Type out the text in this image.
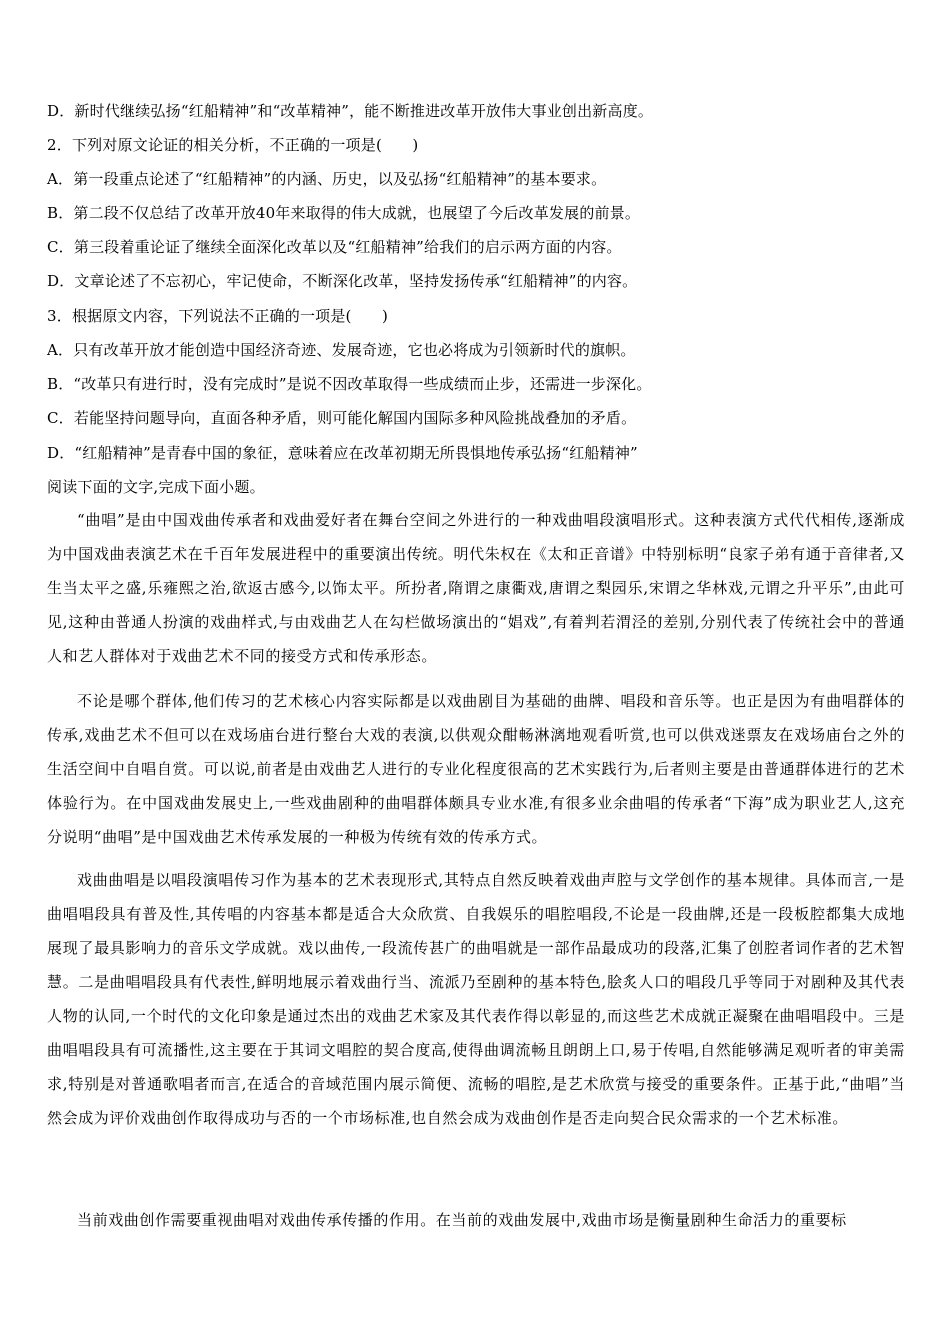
D．新时代继续弘扬“红船精神”和“改革精神”，能不断推进改革开放伟大事业创出新高度。
2．下列对原文论证的相关分析，不正确的一项是(　　)
A．第一段重点论述了“红船精神”的内涵、历史，以及弘扬“红船精神”的基本要求。
B．第二段不仅总结了改革开放40年来取得的伟大成就，也展望了今后改革发展的前景。
C．第三段着重论证了继续全面深化改革以及“红船精神”给我们的启示两方面的内容。
D．文章论述了不忘初心，牢记使命，不断深化改革，坚持发扬传承“红船精神”的内容。
3．根据原文内容，下列说法不正确的一项是(　　)
A．只有改革开放才能创造中国经济奇迹、发展奇迹，它也必将成为引领新时代的旗帜。
B．“改革只有进行时，没有完成时”是说不因改革取得一些成绩而止步，还需进一步深化。
C．若能坚持问题导向，直面各种矛盾，则可能化解国内国际多种风险挑战叠加的矛盾。
D．“红船精神”是青春中国的象征，意味着应在改革初期无所畏惧地传承弘扬“红船精神”
阅读下面的文字,完成下面小题。
“曲唱”是由中国戏曲传承者和戏曲爱好者在舞台空间之外进行的一种戏曲唱段演唱形式。这种表演方式代代相传,逐渐成为中国戏曲表演艺术在千百年发展进程中的重要演出传统。明代朱权在《太和正音谱》中特别标明“良家子弟有通于音律者,又生当太平之盛,乐雍熙之治,欲返古感今,以饰太平。所扮者,隋谓之康衢戏,唐谓之梨园乐,宋谓之华林戏,元谓之升平乐”,由此可见,这种由普通人扮演的戏曲样式,与由戏曲艺人在勾栏做场演出的“娼戏”,有着判若渭泾的差别,分别代表了传统社会中的普通人和艺人群体对于戏曲艺术不同的接受方式和传承形态。
不论是哪个群体,他们传习的艺术核心内容实际都是以戏曲剧目为基础的曲牌、唱段和音乐等。也正是因为有曲唱群体的传承,戏曲艺术不但可以在戏场庙台进行整台大戏的表演,以供观众酣畅淋漓地观看听赏,也可以供戏迷票友在戏场庙台之外的生活空间中自唱自赏。可以说,前者是由戏曲艺人进行的专业化程度很高的艺术实践行为,后者则主要是由普通群体进行的艺术体验行为。在中国戏曲发展史上,一些戏曲剧种的曲唱群体颇具专业水准,有很多业余曲唱的传承者“下海”成为职业艺人,这充分说明“曲唱”是中国戏曲艺术传承发展的一种极为传统有效的传承方式。
戏曲曲唱是以唱段演唱传习作为基本的艺术表现形式,其特点自然反映着戏曲声腔与文学创作的基本规律。具体而言,一是曲唱唱段具有普及性,其传唱的内容基本都是适合大众欣赏、自我娱乐的唱腔唱段,不论是一段曲牌,还是一段板腔都集大成地展现了最具影响力的音乐文学成就。戏以曲传,一段流传甚广的曲唱就是一部作品最成功的段落,汇集了创腔者词作者的艺术智慧。二是曲唱唱段具有代表性,鲜明地展示着戏曲行当、流派乃至剧种的基本特色,脍炙人口的唱段几乎等同于对剧种及其代表人物的认同,一个时代的文化印象是通过杰出的戏曲艺术家及其代表作得以彰显的,而这些艺术成就正凝聚在曲唱唱段中。三是曲唱唱段具有可流播性,这主要在于其词文唱腔的契合度高,使得曲调流畅且朗朗上口,易于传唱,自然能够满足观听者的审美需求,特别是对普通歌唱者而言,在适合的音域范围内展示简便、流畅的唱腔,是艺术欣赏与接受的重要条件。正基于此,“曲唱”当然会成为评价戏曲创作取得成功与否的一个市场标准,也自然会成为戏曲创作是否走向契合民众需求的一个艺术标准。
当前戏曲创作需要重视曲唱对戏曲传承传播的作用。在当前的戏曲发展中,戏曲市场是衡量剧种生命活力的重要标
